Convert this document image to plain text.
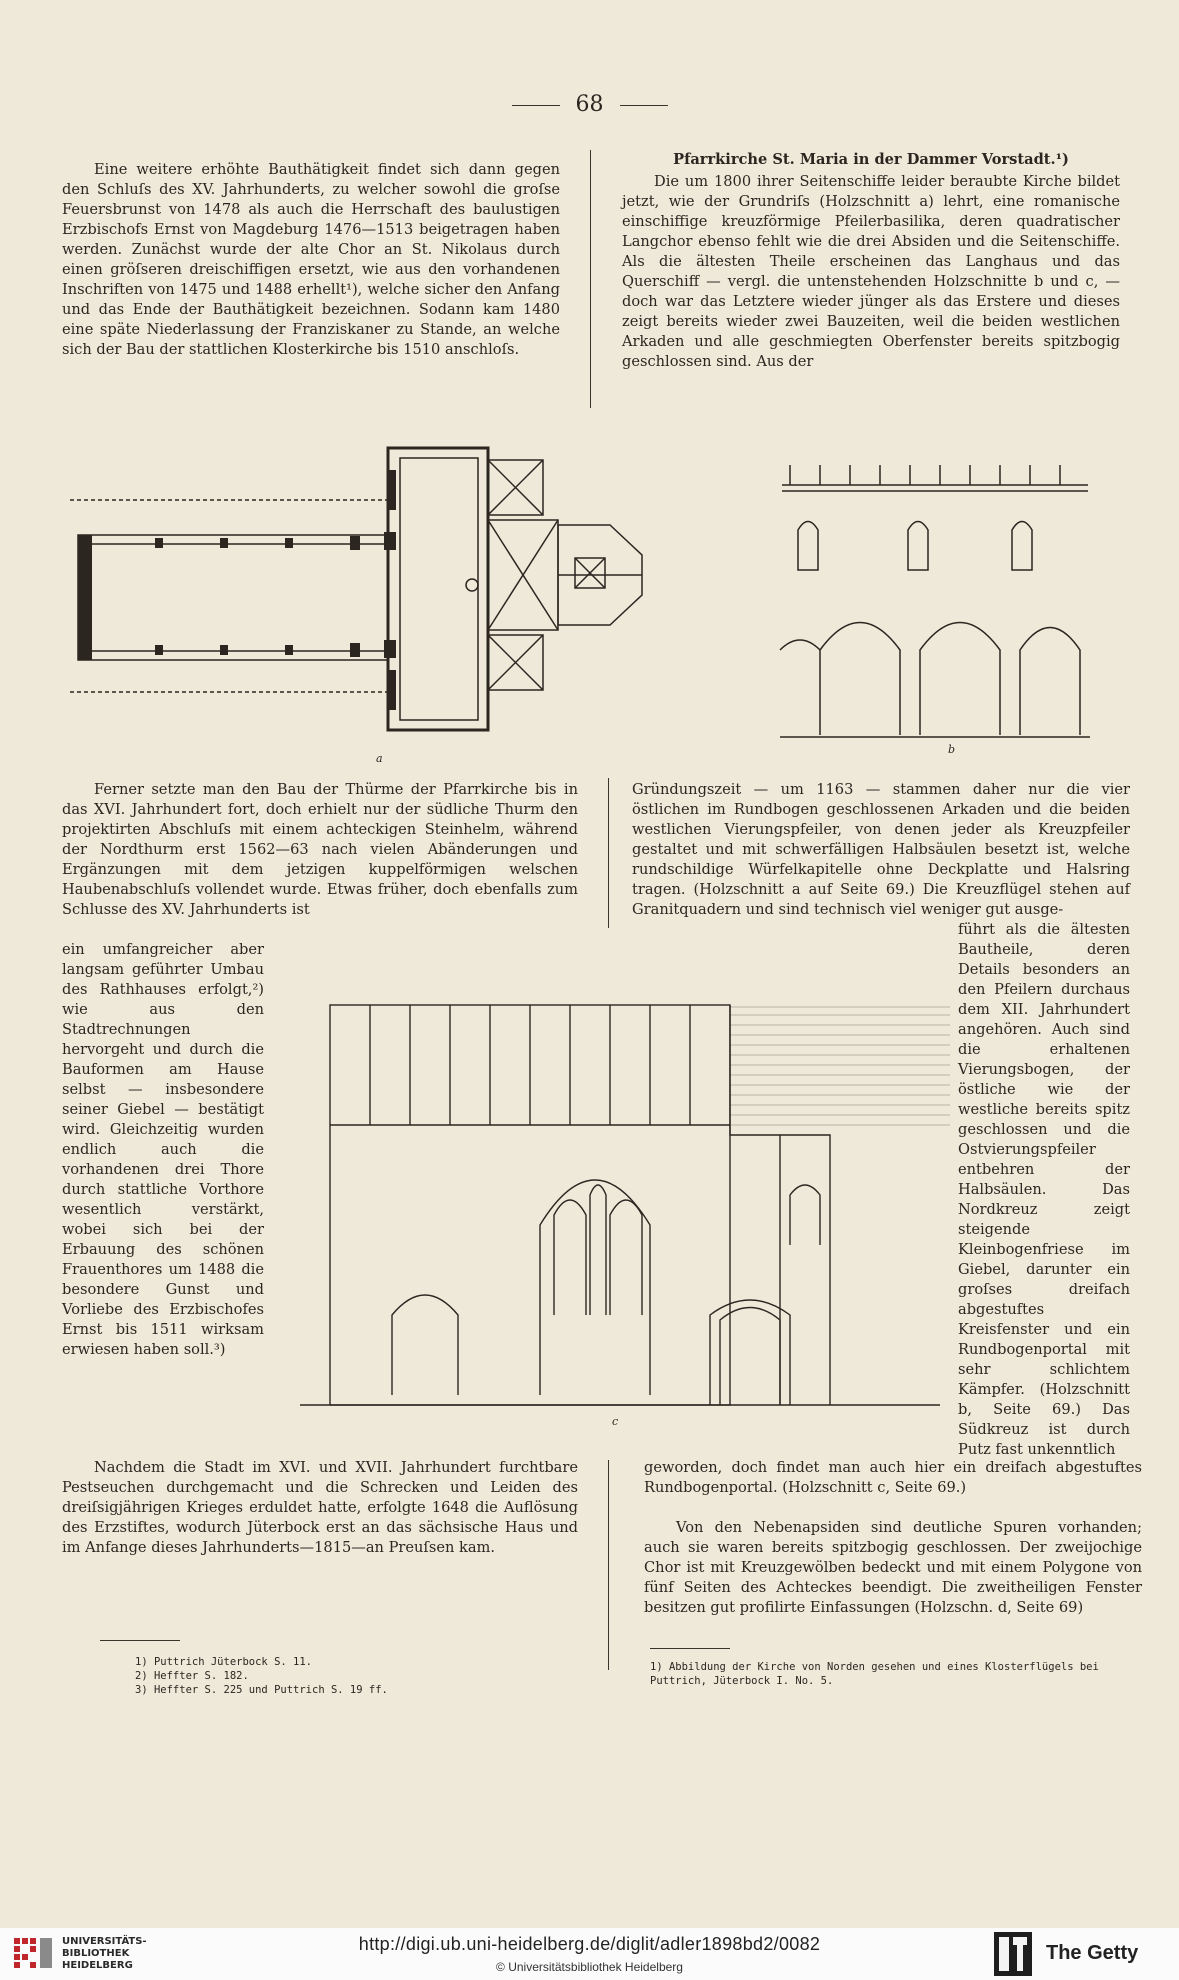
68

Eine weitere erhöhte Bauthätigkeit findet sich dann gegen den Schluſs des XV. Jahrhunderts, zu welcher sowohl die groſse Feuersbrunst von 1478 als auch die Herrschaft des baulustigen Erzbischofs Ernst von Magdeburg 1476—1513 beigetragen haben werden. Zunächst wurde der alte Chor an St. Nikolaus durch einen gröſseren dreischiffigen ersetzt, wie aus den vorhandenen Inschriften von 1475 und 1488 erhellt¹), welche sicher den Anfang und das Ende der Bauthätigkeit bezeichnen. Sodann kam 1480 eine späte Niederlassung der Franziskaner zu Stande, an welche sich der Bau der stattlichen Klosterkirche bis 1510 anschloſs.

Pfarrkirche St. Maria in der Dammer Vorstadt.¹)

Die um 1800 ihrer Seitenschiffe leider beraubte Kirche bildet jetzt, wie der Grundriſs (Holzschnitt a) lehrt, eine romanische einschiffige kreuzförmige Pfeilerbasilika, deren quadratischer Langchor ebenso fehlt wie die drei Absiden und die Seitenschiffe. Als die ältesten Theile erscheinen das Langhaus und das Querschiff — vergl. die untenstehenden Holzschnitte b und c, — doch war das Letztere wieder jünger als das Erstere und dieses zeigt bereits wieder zwei Bauzeiten, weil die beiden westlichen Arkaden und alle geschmiegten Oberfenster bereits spitzbogig geschlossen sind. Aus der

a
b

Ferner setzte man den Bau der Thürme der Pfarrkirche bis in das XVI. Jahrhundert fort, doch erhielt nur der südliche Thurm den projektirten Abschluſs mit einem achteckigen Steinhelm, während der Nordthurm erst 1562—63 nach vielen Abänderungen und Ergänzungen mit dem jetzigen kuppelförmigen welschen Haubenabschluſs vollendet wurde. Etwas früher, doch ebenfalls zum Schlusse des XV. Jahrhunderts ist

ein umfangreicher aber langsam geführter Umbau des Rathhauses erfolgt,²) wie aus den Stadtrechnungen hervorgeht und durch die Bauformen am Hause selbst — insbesondere seiner Giebel — bestätigt wird. Gleichzeitig wurden endlich auch die vorhandenen drei Thore durch stattliche Vorthore wesentlich verstärkt, wobei sich bei der Erbauung des schönen Frauenthores um 1488 die besondere Gunst und Vorliebe des Erzbischofes Ernst bis 1511 wirksam erwiesen haben soll.³)

Gründungszeit — um 1163 — stammen daher nur die vier östlichen im Rundbogen geschlossenen Arkaden und die beiden westlichen Vierungspfeiler, von denen jeder als Kreuzpfeiler gestaltet und mit schwerfälligen Halbsäulen besetzt ist, welche rundschildige Würfelkapitelle ohne Deckplatte und Halsring tragen. (Holzschnitt a auf Seite 69.) Die Kreuzflügel stehen auf Granitquadern und sind technisch viel weniger gut ausge-

führt als die ältesten Bautheile, deren Details besonders an den Pfeilern durchaus dem XII. Jahrhundert angehören. Auch sind die erhaltenen Vierungsbogen, der östliche wie der westliche bereits spitz geschlossen und die Ostvierungspfeiler entbehren der Halbsäulen. Das Nordkreuz zeigt steigende Kleinbogenfriese im Giebel, darunter ein groſses dreifach abgestuftes Kreisfenster und ein Rundbogenportal mit sehr schlichtem Kämpfer. (Holzschnitt b, Seite 69.) Das Südkreuz ist durch Putz fast unkenntlich

c

Nachdem die Stadt im XVI. und XVII. Jahrhundert furchtbare Pestseuchen durchgemacht und die Schrecken und Leiden des dreiſsigjährigen Krieges erduldet hatte, erfolgte 1648 die Auflösung des Erzstiftes, wodurch Jüterbock erst an das sächsische Haus und im Anfange dieses Jahrhunderts—1815—an Preuſsen kam.

geworden, doch findet man auch hier ein dreifach abgestuftes Rundbogenportal. (Holzschnitt c, Seite 69.)

Von den Nebenapsiden sind deutliche Spuren vorhanden; auch sie waren bereits spitzbogig geschlossen. Der zweijochige Chor ist mit Kreuzgewölben bedeckt und mit einem Polygone von fünf Seiten des Achteckes beendigt. Die zweitheiligen Fenster besitzen gut profilirte Einfassungen (Holzschn. d, Seite 69)

1) Puttrich Jüterbock S. 11.
2) Heffter S. 182.
3) Heffter S. 225 und Puttrich S. 19 ff.
1) Abbildung der Kirche von Norden gesehen und eines Klosterflügels bei Puttrich, Jüterbock I. No. 5.
UNIVERSITÄTS-
BIBLIOTHEK
HEIDELBERG
http://digi.ub.uni-heidelberg.de/diglit/adler1898bd2/0082
© Universitätsbibliothek Heidelberg
The Getty
